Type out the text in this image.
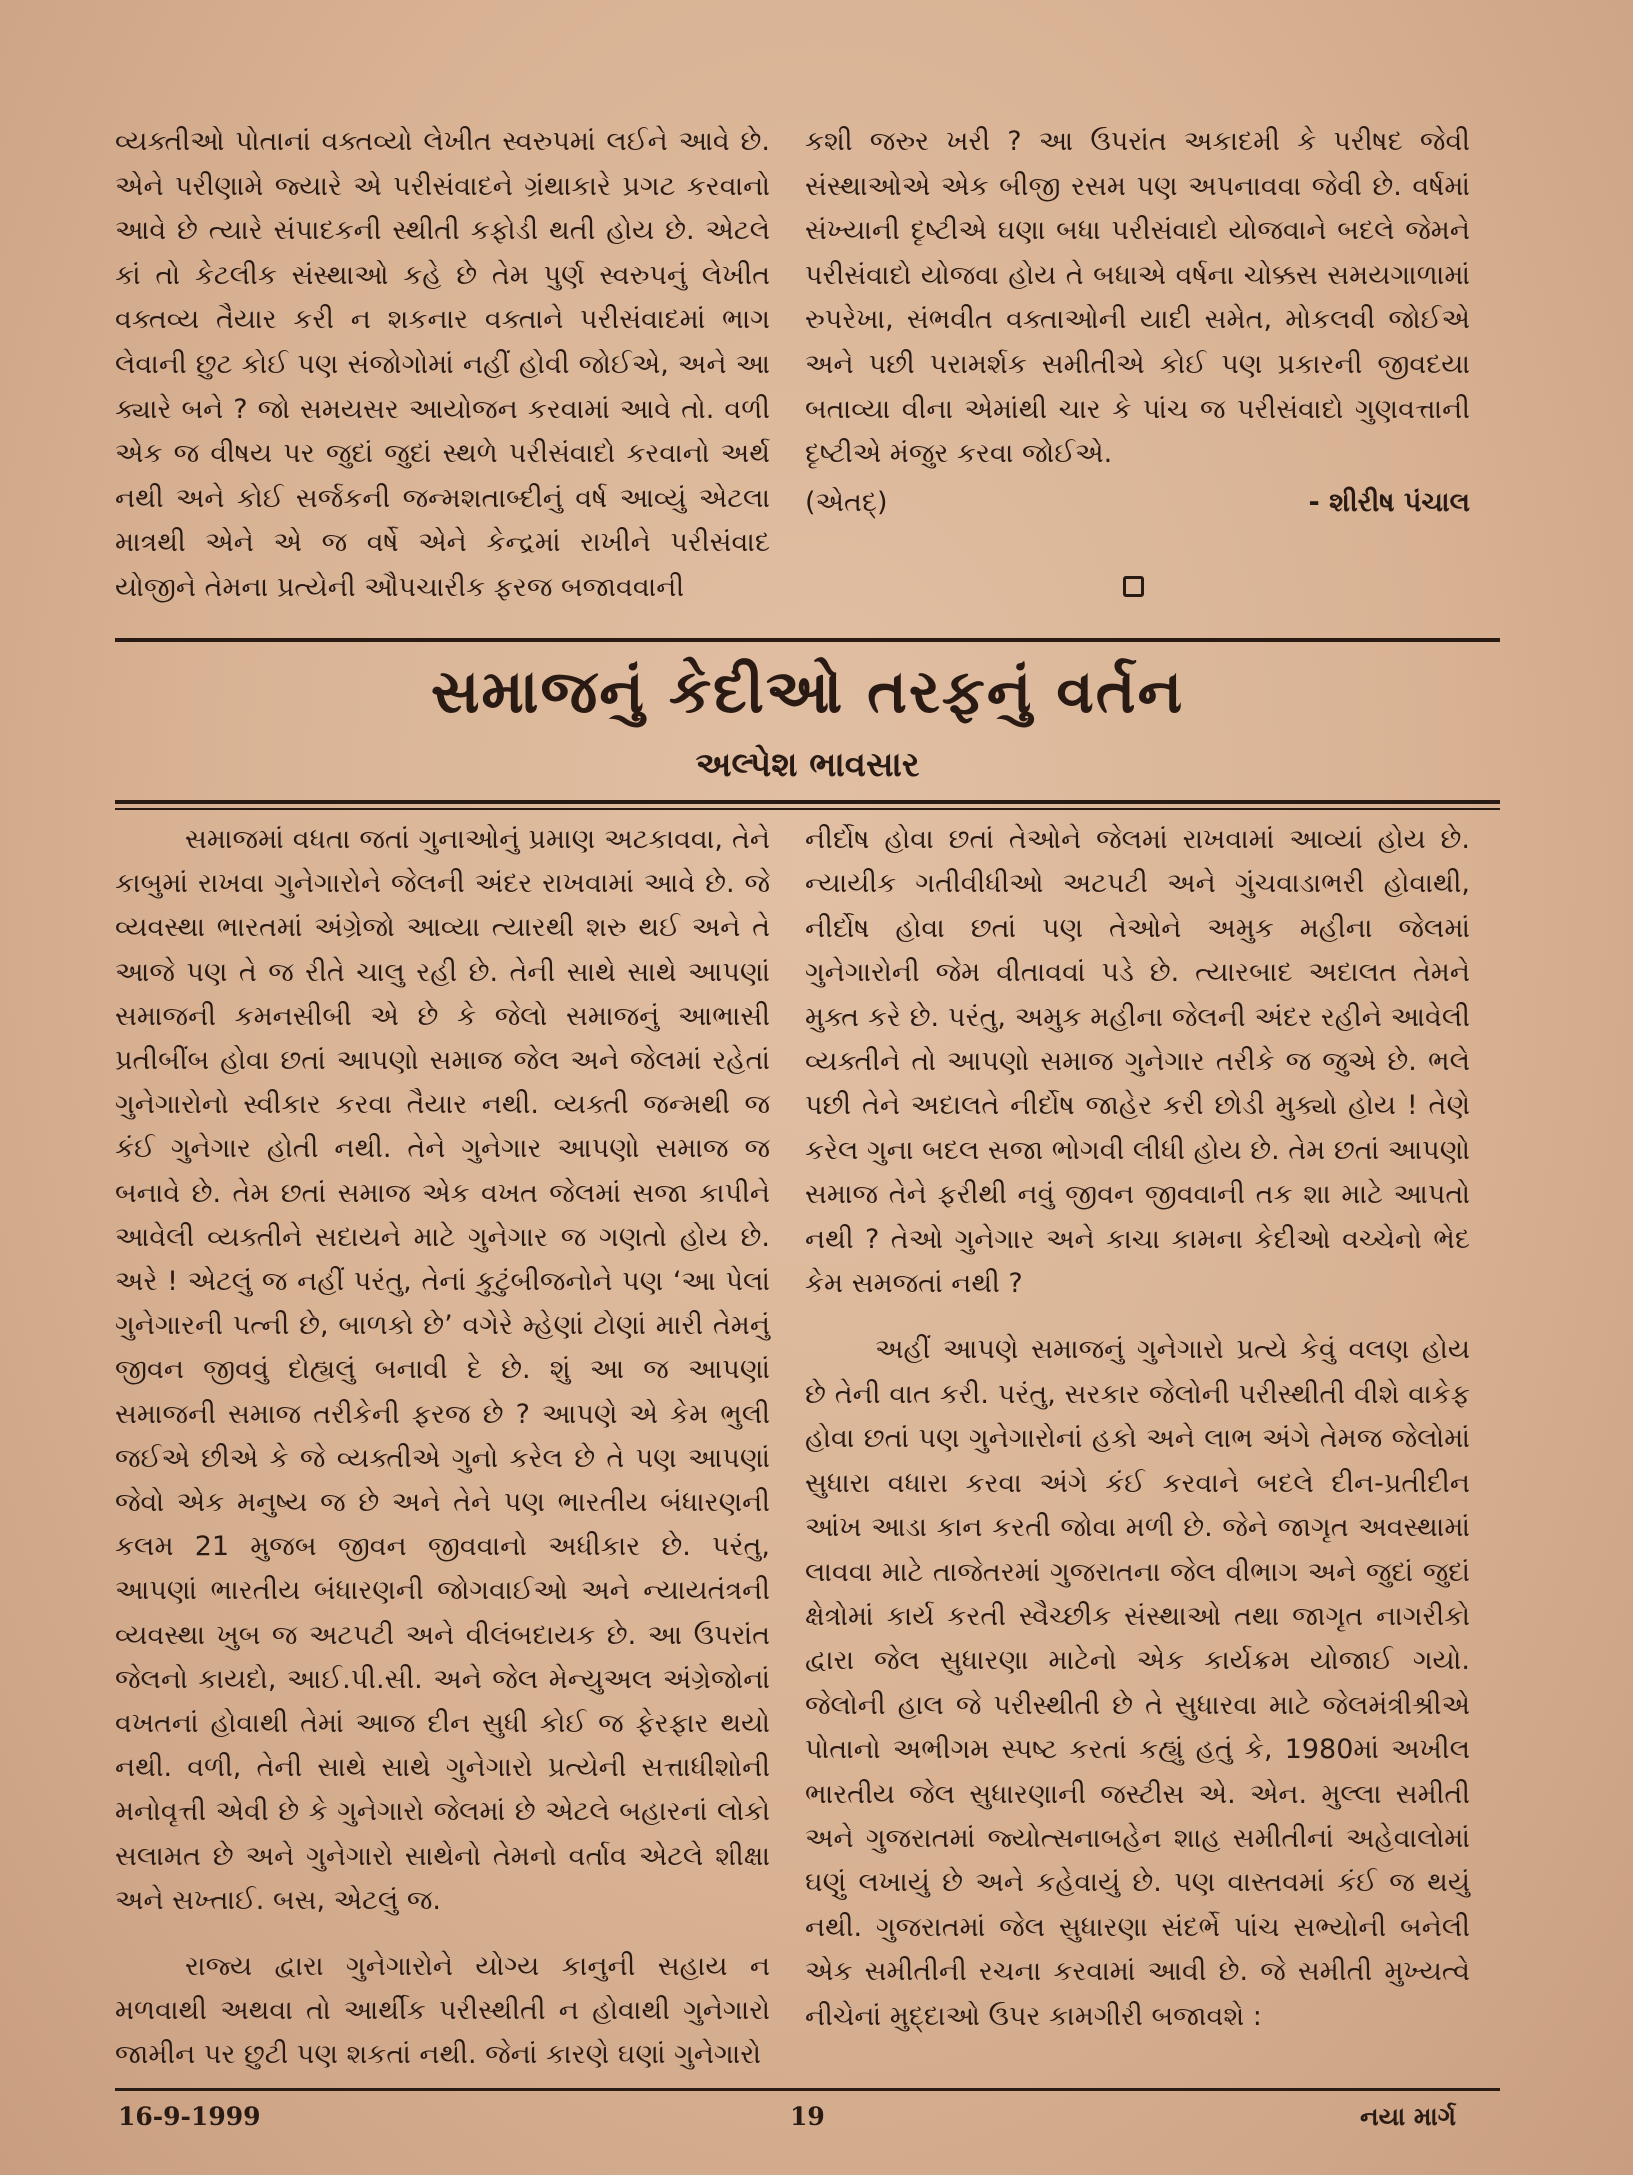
વ્યક્તીઓ પોતાનાં વક્તવ્યો લેખીત સ્વરુપમાં લઈને આવે છે. એને પરીણામે જ્યારે એ પરીસંવાદને ગ્રંથાકારે પ્રગટ કરવાનો આવે છે ત્યારે સંપાદકની સ્થીતી કફોડી થતી હોય છે. એટલે કાં તો કેટલીક સંસ્થાઓ કહે છે તેમ પુર્ણ સ્વરુપનું લેખીત વક્તવ્ય તૈયાર કરી ન શકનાર વક્તાને પરીસંવાદમાં ભાગ લેવાની છુટ કોઈ પણ સંજોગોમાં નહીં હોવી જોઈએ, અને આ ક્યારે બને ? જો સમયસર આયોજન કરવામાં આવે તો. વળી એક જ વીષય પર જુદાં જુદાં સ્થળે પરીસંવાદો કરવાનો અર્થ નથી અને કોઈ સર્જકની જન્મશતાબ્દીનું વર્ષ આવ્યું એટલા માત્રથી એને એ જ વર્ષે એને કેન્દ્રમાં રાખીને પરીસંવાદ યોજીને તેમના પ્રત્યેની ઔપચારીક ફરજ બજાવવાની

કશી જરુર ખરી ? આ ઉપરાંત અકાદમી કે પરીષદ જેવી સંસ્થાઓએ એક બીજી રસમ પણ અપનાવવા જેવી છે. વર્ષમાં સંખ્યાની દૃષ્ટીએ ઘણા બધા પરીસંવાદો યોજવાને બદલે જેમને પરીસંવાદો યોજવા હોય તે બધાએ વર્ષના ચોક્કસ સમયગાળામાં રુપરેખા, સંભવીત વક્તાઓની યાદી સમેત, મોકલવી જોઈએ અને પછી પરામર્શક સમીતીએ કોઈ પણ પ્રકારની જીવદયા બતાવ્યા વીના એમાંથી ચાર કે પાંચ જ પરીસંવાદો ગુણવત્તાની દૃષ્ટીએ મંજુર કરવા જોઈએ.

(એતદ્)	- શીરીષ પંચાલ
સમાજનું કેદીઓ તરફનું વર્તન
અલ્પેશ ભાવસાર

સમાજમાં વધતા જતાં ગુનાઓનું પ્રમાણ અટકાવવા, તેને કાબુમાં રાખવા ગુનેગારોને જેલની અંદર રાખવામાં આવે છે. જે વ્યવસ્થા ભારતમાં અંગ્રેજો આવ્યા ત્યારથી શરુ થઈ અને તે આજે પણ તે જ રીતે ચાલુ રહી છે. તેની સાથે સાથે આપણાં સમાજની કમનસીબી એ છે કે જેલો સમાજનું આભાસી પ્રતીબીંબ હોવા છતાં આપણો સમાજ જેલ અને જેલમાં રહેતાં ગુનેગારોનો સ્વીકાર કરવા તૈયાર નથી. વ્યક્તી જન્મથી જ કંઈ ગુનેગાર હોતી નથી. તેને ગુનેગાર આપણો સમાજ જ બનાવે છે. તેમ છતાં સમાજ એક વખત જેલમાં સજા કાપીને આવેલી વ્યક્તીને સદાયને માટે ગુનેગાર જ ગણતો હોય છે. અરે ! એટલું જ નહીં પરંતુ, તેનાં કુટુંબીજનોને પણ ‘આ પેલાં ગુનેગારની પત્ની છે, બાળકો છે’ વગેરે મ્હેણાં ટોણાં મારી તેમનું જીવન જીવવું દોહ્યલું બનાવી દે છે. શું આ જ આપણાં સમાજની સમાજ તરીકેની ફરજ છે ? આપણે એ કેમ ભુલી જઈએ છીએ કે જે વ્યક્તીએ ગુનો કરેલ છે તે પણ આપણાં જેવો એક મનુષ્ય જ છે અને તેને પણ ભારતીય બંધારણની કલમ 21 મુજબ જીવન જીવવાનો અધીકાર છે. પરંતુ, આપણાં ભારતીય બંધારણની જોગવાઈઓ અને ન્યાયતંત્રની વ્યવસ્થા ખુબ જ અટપટી અને વીલંબદાયક છે. આ ઉપરાંત જેલનો કાયદો, આઈ.પી.સી. અને જેલ મેન્યુઅલ અંગ્રેજોનાં વખતનાં હોવાથી તેમાં આજ દીન સુધી કોઈ જ ફેરફાર થયો નથી. વળી, તેની સાથે સાથે ગુનેગારો પ્રત્યેની સત્તાધીશોની મનોવૃત્તી એવી છે કે ગુનેગારો જેલમાં છે એટલે બહારનાં લોકો સલામત છે અને ગુનેગારો સાથેનો તેમનો વર્તાવ એટલે શીક્ષા અને સખ્તાઈ. બસ, એટલું જ.

રાજ્ય દ્વારા ગુનેગારોને યોગ્ય કાનુની સહાય ન મળવાથી અથવા તો આર્થીક પરીસ્થીતી ન હોવાથી ગુનેગારો જામીન પર છુટી પણ શકતાં નથી. જેનાં કારણે ઘણાં ગુનેગારો

નીર્દોષ હોવા છતાં તેઓને જેલમાં રાખવામાં આવ્યાં હોય છે. ન્યાયીક ગતીવીધીઓ અટપટી અને ગુંચવાડાભરી હોવાથી, નીર્દોષ હોવા છતાં પણ તેઓને અમુક મહીના જેલમાં ગુનેગારોની જેમ વીતાવવાં પડે છે. ત્યારબાદ અદાલત તેમને મુક્ત કરે છે. પરંતુ, અમુક મહીના જેલની અંદર રહીને આવેલી વ્યક્તીને તો આપણો સમાજ ગુનેગાર તરીકે જ જુએ છે. ભલે પછી તેને અદાલતે નીર્દોષ જાહેર કરી છોડી મુક્યો હોય ! તેણે કરેલ ગુના બદલ સજા ભોગવી લીધી હોય છે. તેમ છતાં આપણો સમાજ તેને ફરીથી નવું જીવન જીવવાની તક શા માટે આપતો નથી ? તેઓ ગુનેગાર અને કાચા કામના કેદીઓ વચ્ચેનો ભેદ કેમ સમજતાં નથી ?

અહીં આપણે સમાજનું ગુનેગારો પ્રત્યે કેવું વલણ હોય છે તેની વાત કરી. પરંતુ, સરકાર જેલોની પરીસ્થીતી વીશે વાકેફ હોવા છતાં પણ ગુનેગારોનાં હકો અને લાભ અંગે તેમજ જેલોમાં સુધારા વધારા કરવા અંગે કંઈ કરવાને બદલે દીન-પ્રતીદીન આંખ આડા કાન કરતી જોવા મળી છે. જેને જાગૃત અવસ્થામાં લાવવા માટે તાજેતરમાં ગુજરાતના જેલ વીભાગ અને જુદાં જુદાં ક્ષેત્રોમાં કાર્ય કરતી સ્વૈચ્છીક સંસ્થાઓ તથા જાગૃત નાગરીકો દ્વારા જેલ સુધારણા માટેનો એક કાર્યક્રમ યોજાઈ ગયો. જેલોની હાલ જે પરીસ્થીતી છે તે સુધારવા માટે જેલમંત્રીશ્રીએ પોતાનો અભીગમ સ્પષ્ટ કરતાં કહ્યું હતું કે, 1980માં અખીલ ભારતીય જેલ સુધારણાની જસ્ટીસ એ. એન. મુલ્લા સમીતી અને ગુજરાતમાં જ્યોત્સનાબહેન શાહ સમીતીનાં અહેવાલોમાં ઘણું લખાયું છે અને કહેવાયું છે. પણ વાસ્તવમાં કંઈ જ થયું નથી. ગુજરાતમાં જેલ સુધારણા સંદર્ભે પાંચ સભ્યોની બનેલી એક સમીતીની રચના કરવામાં આવી છે. જે સમીતી મુખ્યત્વે નીચેનાં મુદ્દાઓ ઉપર કામગીરી બજાવશે :

16-9-1999	19	નયા માર્ગ
